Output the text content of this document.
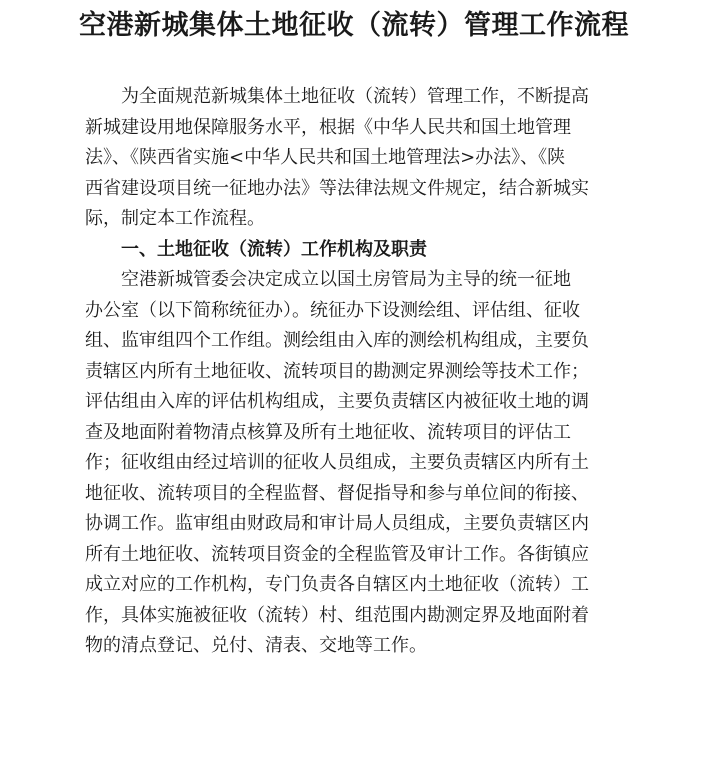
空港新城集体土地征收（流转）管理工作流程

为全面规范新城集体土地征收（流转）管理工作，不断提高
新城建设用地保障服务水平，根据《中华人民共和国土地管理
法》、《陕西省实施<中华人民共和国土地管理法>办法》、《陕
西省建设项目统一征地办法》等法律法规文件规定，结合新城实
际，制定本工作流程。

一、土地征收（流转）工作机构及职责

空港新城管委会决定成立以国土房管局为主导的统一征地
办公室（以下简称统征办）。统征办下设测绘组、评估组、征收
组、监审组四个工作组。测绘组由入库的测绘机构组成，主要负
责辖区内所有土地征收、流转项目的勘测定界测绘等技术工作；
评估组由入库的评估机构组成，主要负责辖区内被征收土地的调
查及地面附着物清点核算及所有土地征收、流转项目的评估工
作；征收组由经过培训的征收人员组成，主要负责辖区内所有土
地征收、流转项目的全程监督、督促指导和参与单位间的衔接、
协调工作。监审组由财政局和审计局人员组成，主要负责辖区内
所有土地征收、流转项目资金的全程监管及审计工作。各街镇应
成立对应的工作机构，专门负责各自辖区内土地征收（流转）工
作，具体实施被征收（流转）村、组范围内勘测定界及地面附着
物的清点登记、兑付、清表、交地等工作。
